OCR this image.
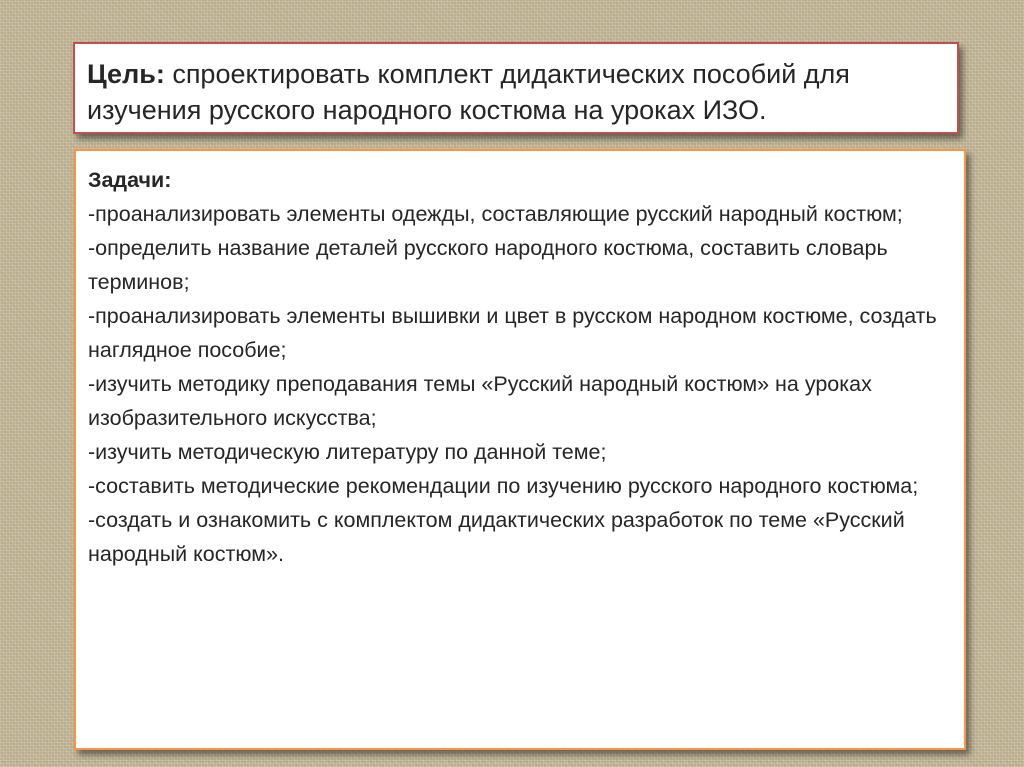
Цель: спроектировать комплект дидактических пособий для изучения русского народного костюма на уроках ИЗО.

Задачи:

-проанализировать элементы одежды, составляющие русский народный костюм;

-определить название деталей русского народного костюма, составить словарь терминов;

-проанализировать элементы вышивки и цвет в русском народном костюме, создать наглядное пособие;

-изучить методику преподавания темы «Русский народный костюм» на уроках изобразительного искусства;

-изучить методическую литературу по данной теме;

-составить методические рекомендации по изучению русского народного костюма;

-создать и ознакомить с комплектом дидактических разработок по теме «Русский народный костюм».
